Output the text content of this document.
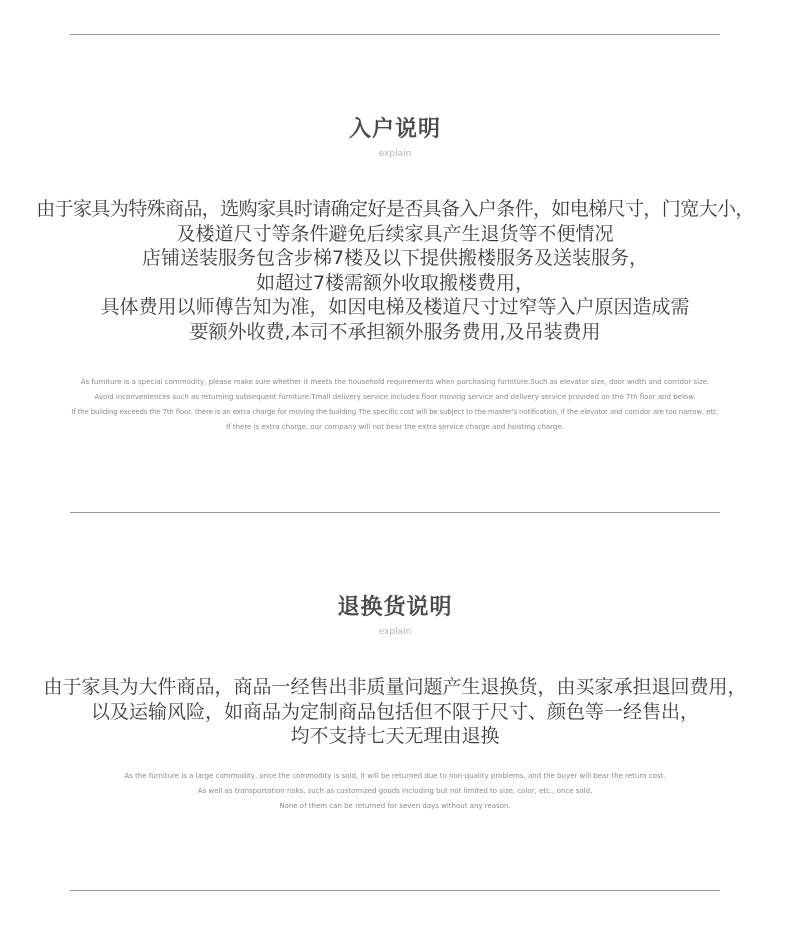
入户说明
explain
由于家具为特殊商品，选购家具时请确定好是否具备入户条件，如电梯尺寸，门宽大小，
及楼道尺寸等条件避免后续家具产生退货等不便情况
店铺送装服务包含步梯7楼及以下提供搬楼服务及送装服务，
如超过7楼需额外收取搬楼费用，
具体费用以师傅告知为准，如因电梯及楼道尺寸过窄等入户原因造成需
要额外收费,本司不承担额外服务费用,及吊装费用
As furniture is a special commodity, please make sure whether it meets the household requirements when purchasing furniture.Such as elevator size, door width and corridor size.
Avoid inconveniences such as returning subsequent furniture.Tmall delivery service includes floor moving service and delivery service provided on the 7th floor and below.
If the building exceeds the 7th floor, there is an extra charge for moving the building.The specific cost will be subject to the master's notification, if the elevator and corridor are too narrow, etc.
If there is extra charge, our company will not bear the extra service charge and hoisting charge.
退换货说明
explain
由于家具为大件商品，商品一经售出非质量问题产生退换货，由买家承担退回费用，
以及运输风险，如商品为定制商品包括但不限于尺寸、颜色等一经售出，
均不支持七天无理由退换
As the furniture is a large commodity, once the commodity is sold, it will be returned due to non-quality problems, and the buyer will bear the return cost.
As well as transportation risks, such as customized goods including but not limited to size, color, etc., once sold,
None of them can be returned for seven days without any reason.
